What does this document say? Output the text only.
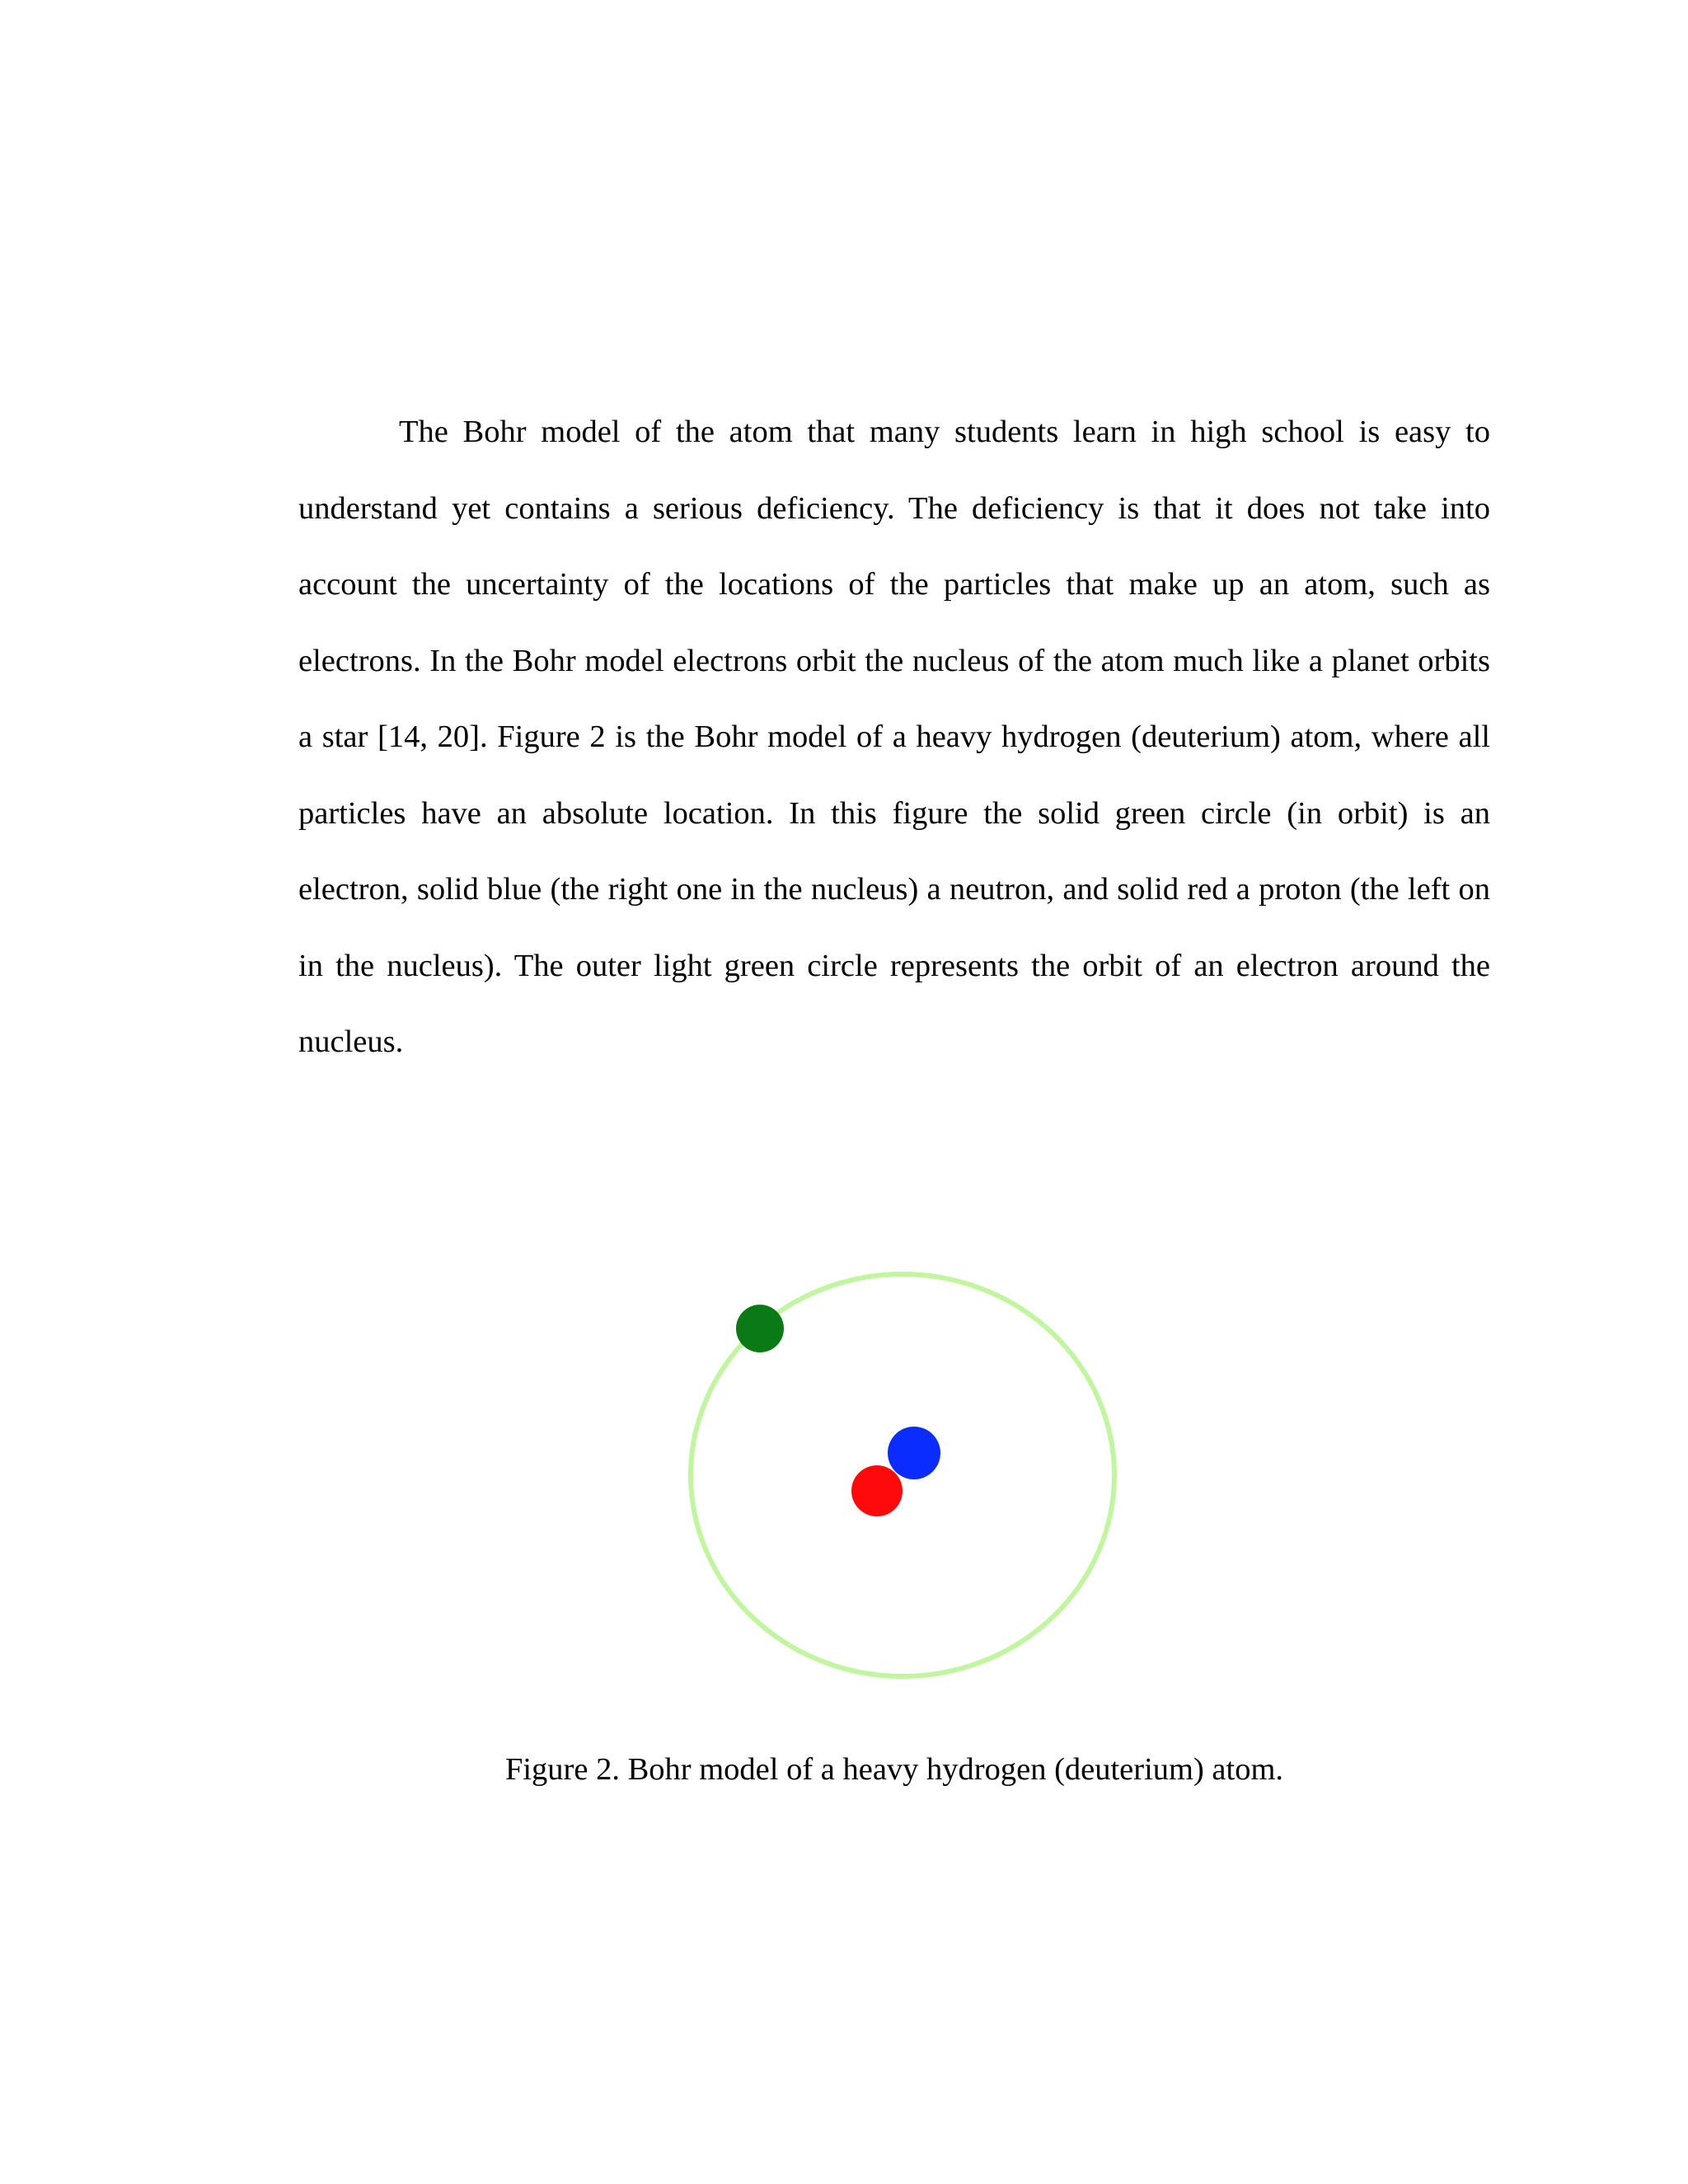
The Bohr model of the atom that many students learn in high school is easy to understand yet contains a serious deficiency. The deficiency is that it does not take into account the uncertainty of the locations of the particles that make up an atom, such as electrons. In the Bohr model electrons orbit the nucleus of the atom much like a planet orbits a star [14, 20]. Figure 2 is the Bohr model of a heavy hydrogen (deuterium) atom, where all particles have an absolute location. In this figure the solid green circle (in orbit) is an electron, solid blue (the right one in the nucleus) a neutron, and solid red a proton (the left on in the nucleus). The outer light green circle represents the orbit of an electron around the nucleus.

Figure 2. Bohr model of a heavy hydrogen (deuterium) atom.
